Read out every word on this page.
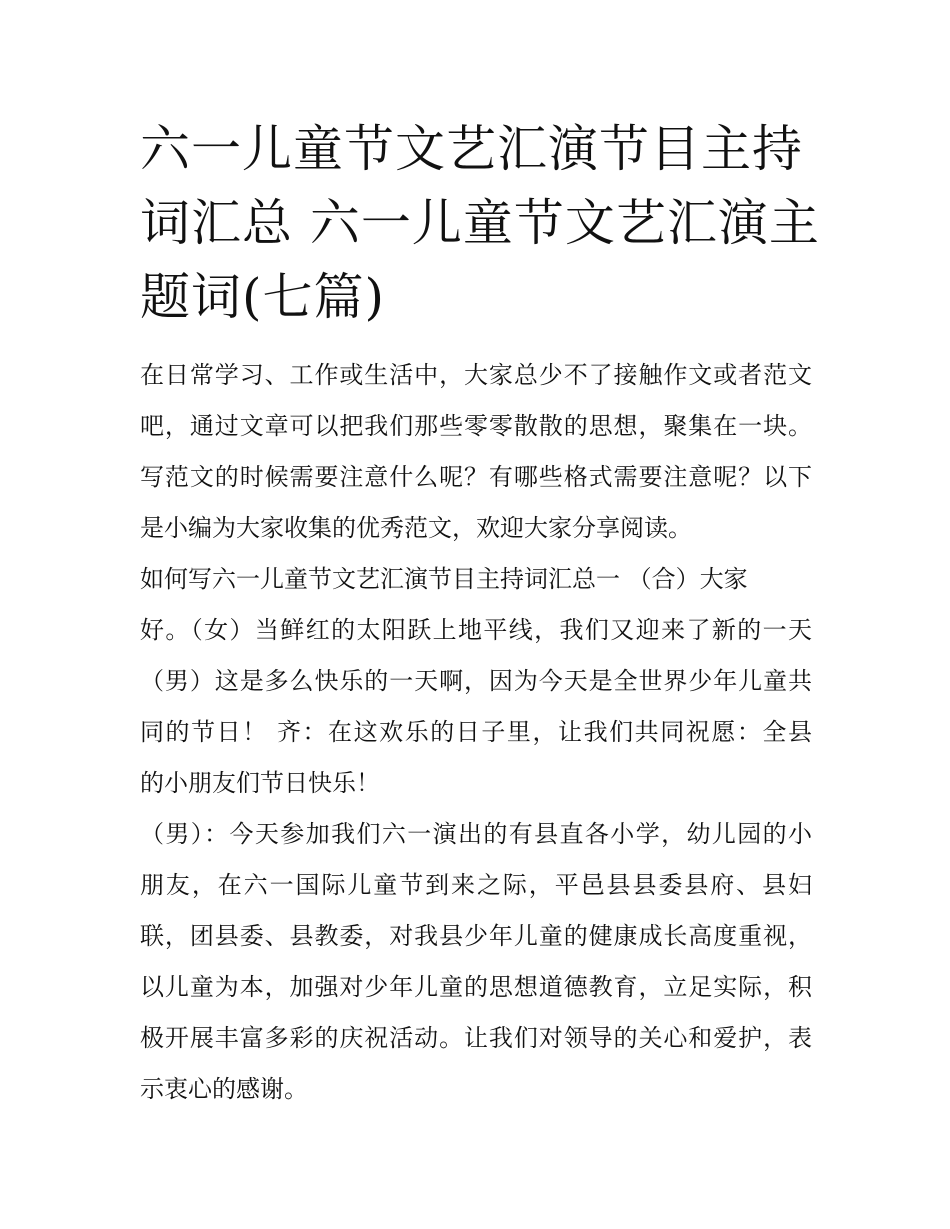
六一儿童节文艺汇演节目主持
词汇总 六一儿童节文艺汇演主
题词(七篇)
在日常学习、工作或生活中，大家总少不了接触作文或者范文
吧，通过文章可以把我们那些零零散散的思想，聚集在一块。
写范文的时候需要注意什么呢？有哪些格式需要注意呢？以下
是小编为大家收集的优秀范文，欢迎大家分享阅读。
如何写六一儿童节文艺汇演节目主持词汇总一 （合）大家
好。（女）当鲜红的太阳跃上地平线，我们又迎来了新的一天
（男）这是多么快乐的一天啊，因为今天是全世界少年儿童共
同的节日！ 齐：在这欢乐的日子里，让我们共同祝愿：全县
的小朋友们节日快乐！
（男）：今天参加我们六一演出的有县直各小学，幼儿园的小
朋友，在六一国际儿童节到来之际，平邑县县委县府、县妇
联，团县委、县教委，对我县少年儿童的健康成长高度重视，
以儿童为本，加强对少年儿童的思想道德教育，立足实际，积
极开展丰富多彩的庆祝活动。让我们对领导的关心和爱护，表
示衷心的感谢。
